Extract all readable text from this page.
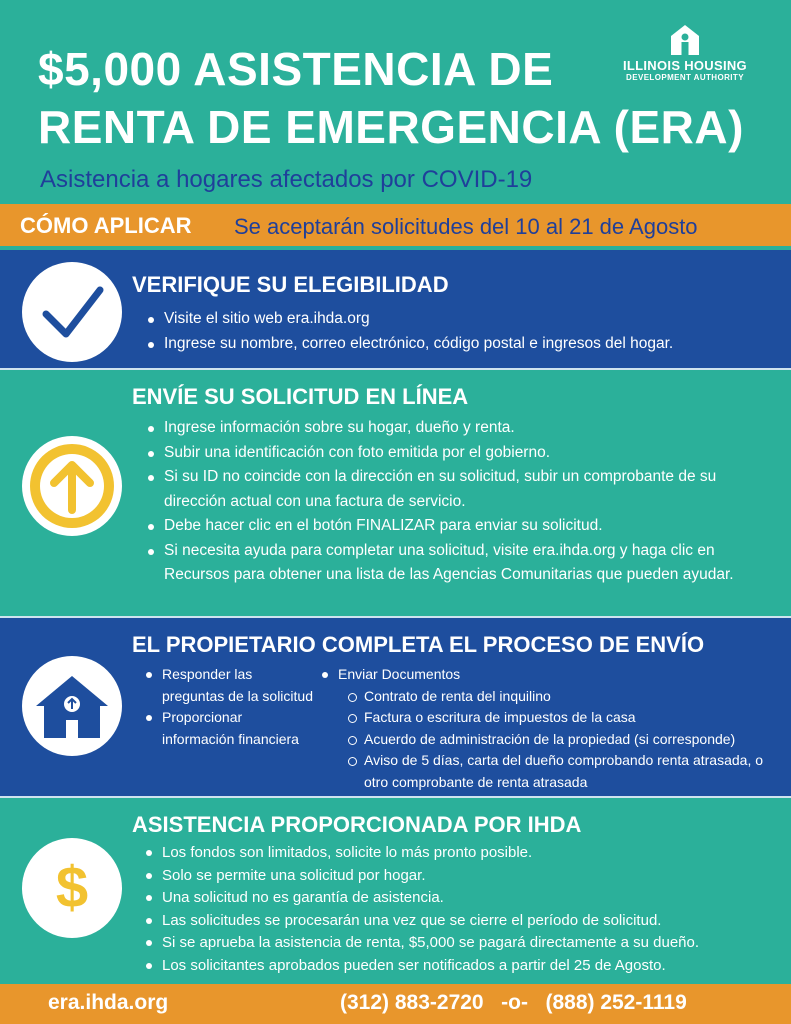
$5,000 ASISTENCIA DE
RENTA DE EMERGENCIA (ERA)
Asistencia a hogares afectados por COVID-19
ILLINOIS HOUSING
DEVELOPMENT AUTHORITY
CÓMO APLICAR Se aceptarán solicitudes del 10 al 21 de Agosto
VERIFIQUE SU ELEGIBILIDAD
Visite el sitio web era.ihda.org
Ingrese su nombre, correo electrónico, código postal e ingresos del hogar.
ENVÍE SU SOLICITUD EN LÍNEA
Ingrese información sobre su hogar, dueño y renta.
Subir una identificación con foto emitida por el gobierno.
Si su ID no coincide con la dirección en su solicitud, subir un comprobante de su dirección actual con una factura de servicio.
Debe hacer clic en el botón FINALIZAR para enviar su solicitud.
Si necesita ayuda para completar una solicitud, visite era.ihda.org y haga clic en Recursos para obtener una lista de las Agencias Comunitarias que pueden ayudar.
EL PROPIETARIO COMPLETA EL PROCESO DE ENVÍO
Responder las preguntas de la solicitud
Proporcionar información financiera
Enviar Documentos
Contrato de renta del inquilino
Factura o escritura de impuestos de la casa
Acuerdo de administración de la propiedad (si corresponde)
Aviso de 5 días, carta del dueño comprobando renta atrasada, o otro comprobante de renta atrasada
$
ASISTENCIA PROPORCIONADA POR IHDA
Los fondos son limitados, solicite lo más pronto posible.
Solo se permite una solicitud por hogar.
Una solicitud no es garantía de asistencia.
Las solicitudes se procesarán una vez que se cierre el período de solicitud.
Si se aprueba la asistencia de renta, $5,000 se pagará directamente a su dueño.
Los solicitantes aprobados pueden ser notificados a partir del 25 de Agosto.
era.ihda.org	(312) 883-2720 -o- (888) 252-1119
